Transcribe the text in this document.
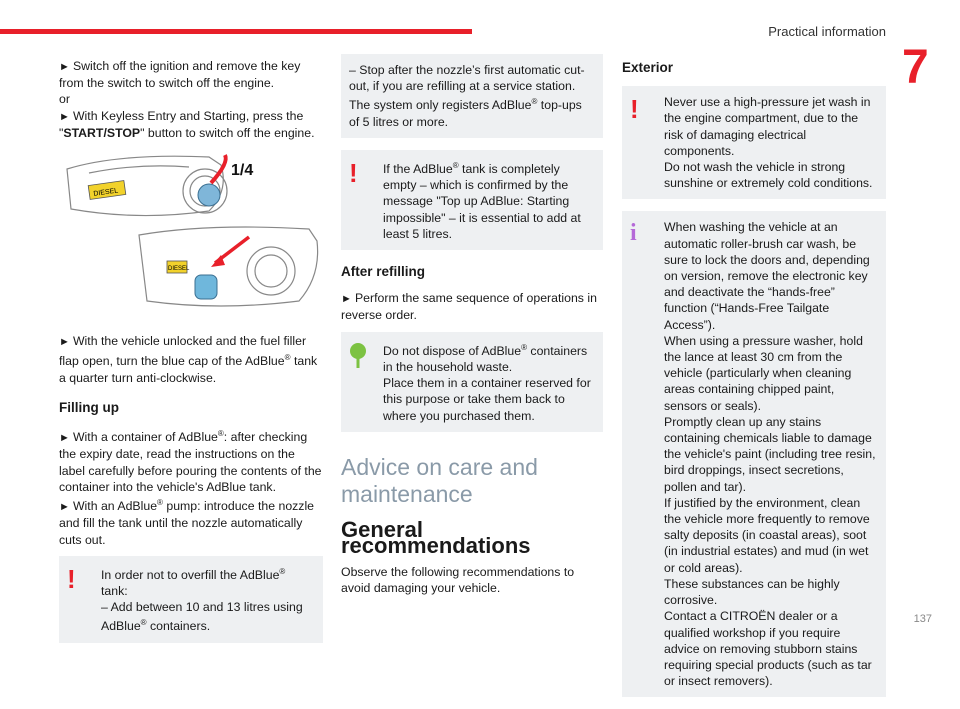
Practical information
7
137

► Switch off the ignition and remove the key from the switch to switch off the engine.
or
► With Keyless Entry and Starting, press the "START/STOP" button to switch off the engine.

DIESEL
1/4
DIESEL

► With the vehicle unlocked and the fuel filler flap open, turn the blue cap of the AdBlue® tank a quarter turn anti-clockwise.

Filling up

► With a container of AdBlue®: after checking the expiry date, read the instructions on the label carefully before pouring the contents of the container into the vehicle's AdBlue tank.
► With an AdBlue® pump: introduce the nozzle and fill the tank until the nozzle automatically cuts out.

!	In order not to overfill the AdBlue® tank:
– Add between 10 and 13 litres using AdBlue® containers.
– Stop after the nozzle’s first automatic cut-out, if you are refilling at a service station.
The system only registers AdBlue® top-ups of 5 litres or more.
!	If the AdBlue® tank is completely empty – which is confirmed by the message "Top up AdBlue: Starting impossible" – it is essential to add at least 5 litres.
After refilling

► Perform the same sequence of operations in reverse order.

Do not dispose of AdBlue® containers in the household waste.
Place them in a container reserved for this purpose or take them back to where you purchased them.
Advice on care and maintenance
General recommendations

Observe the following recommendations to avoid damaging your vehicle.

Exterior
!	Never use a high-pressure jet wash in the engine compartment, due to the risk of damaging electrical components.
Do not wash the vehicle in strong sunshine or extremely cold conditions.
i	When washing the vehicle at an automatic roller-brush car wash, be sure to lock the doors and, depending on version, remove the electronic key and deactivate the “hands-free” function (“Hands-Free Tailgate Access”).
When using a pressure washer, hold the lance at least 30 cm from the vehicle (particularly when cleaning areas containing chipped paint, sensors or seals).
Promptly clean up any stains containing chemicals liable to damage the vehicle's paint (including tree resin, bird droppings, insect secretions, pollen and tar).
If justified by the environment, clean the vehicle more frequently to remove salty deposits (in coastal areas), soot (in industrial estates) and mud (in wet or cold areas).
These substances can be highly corrosive.
Contact a CITROËN dealer or a qualified workshop if you require advice on removing stubborn stains requiring special products (such as tar or insect removers).
